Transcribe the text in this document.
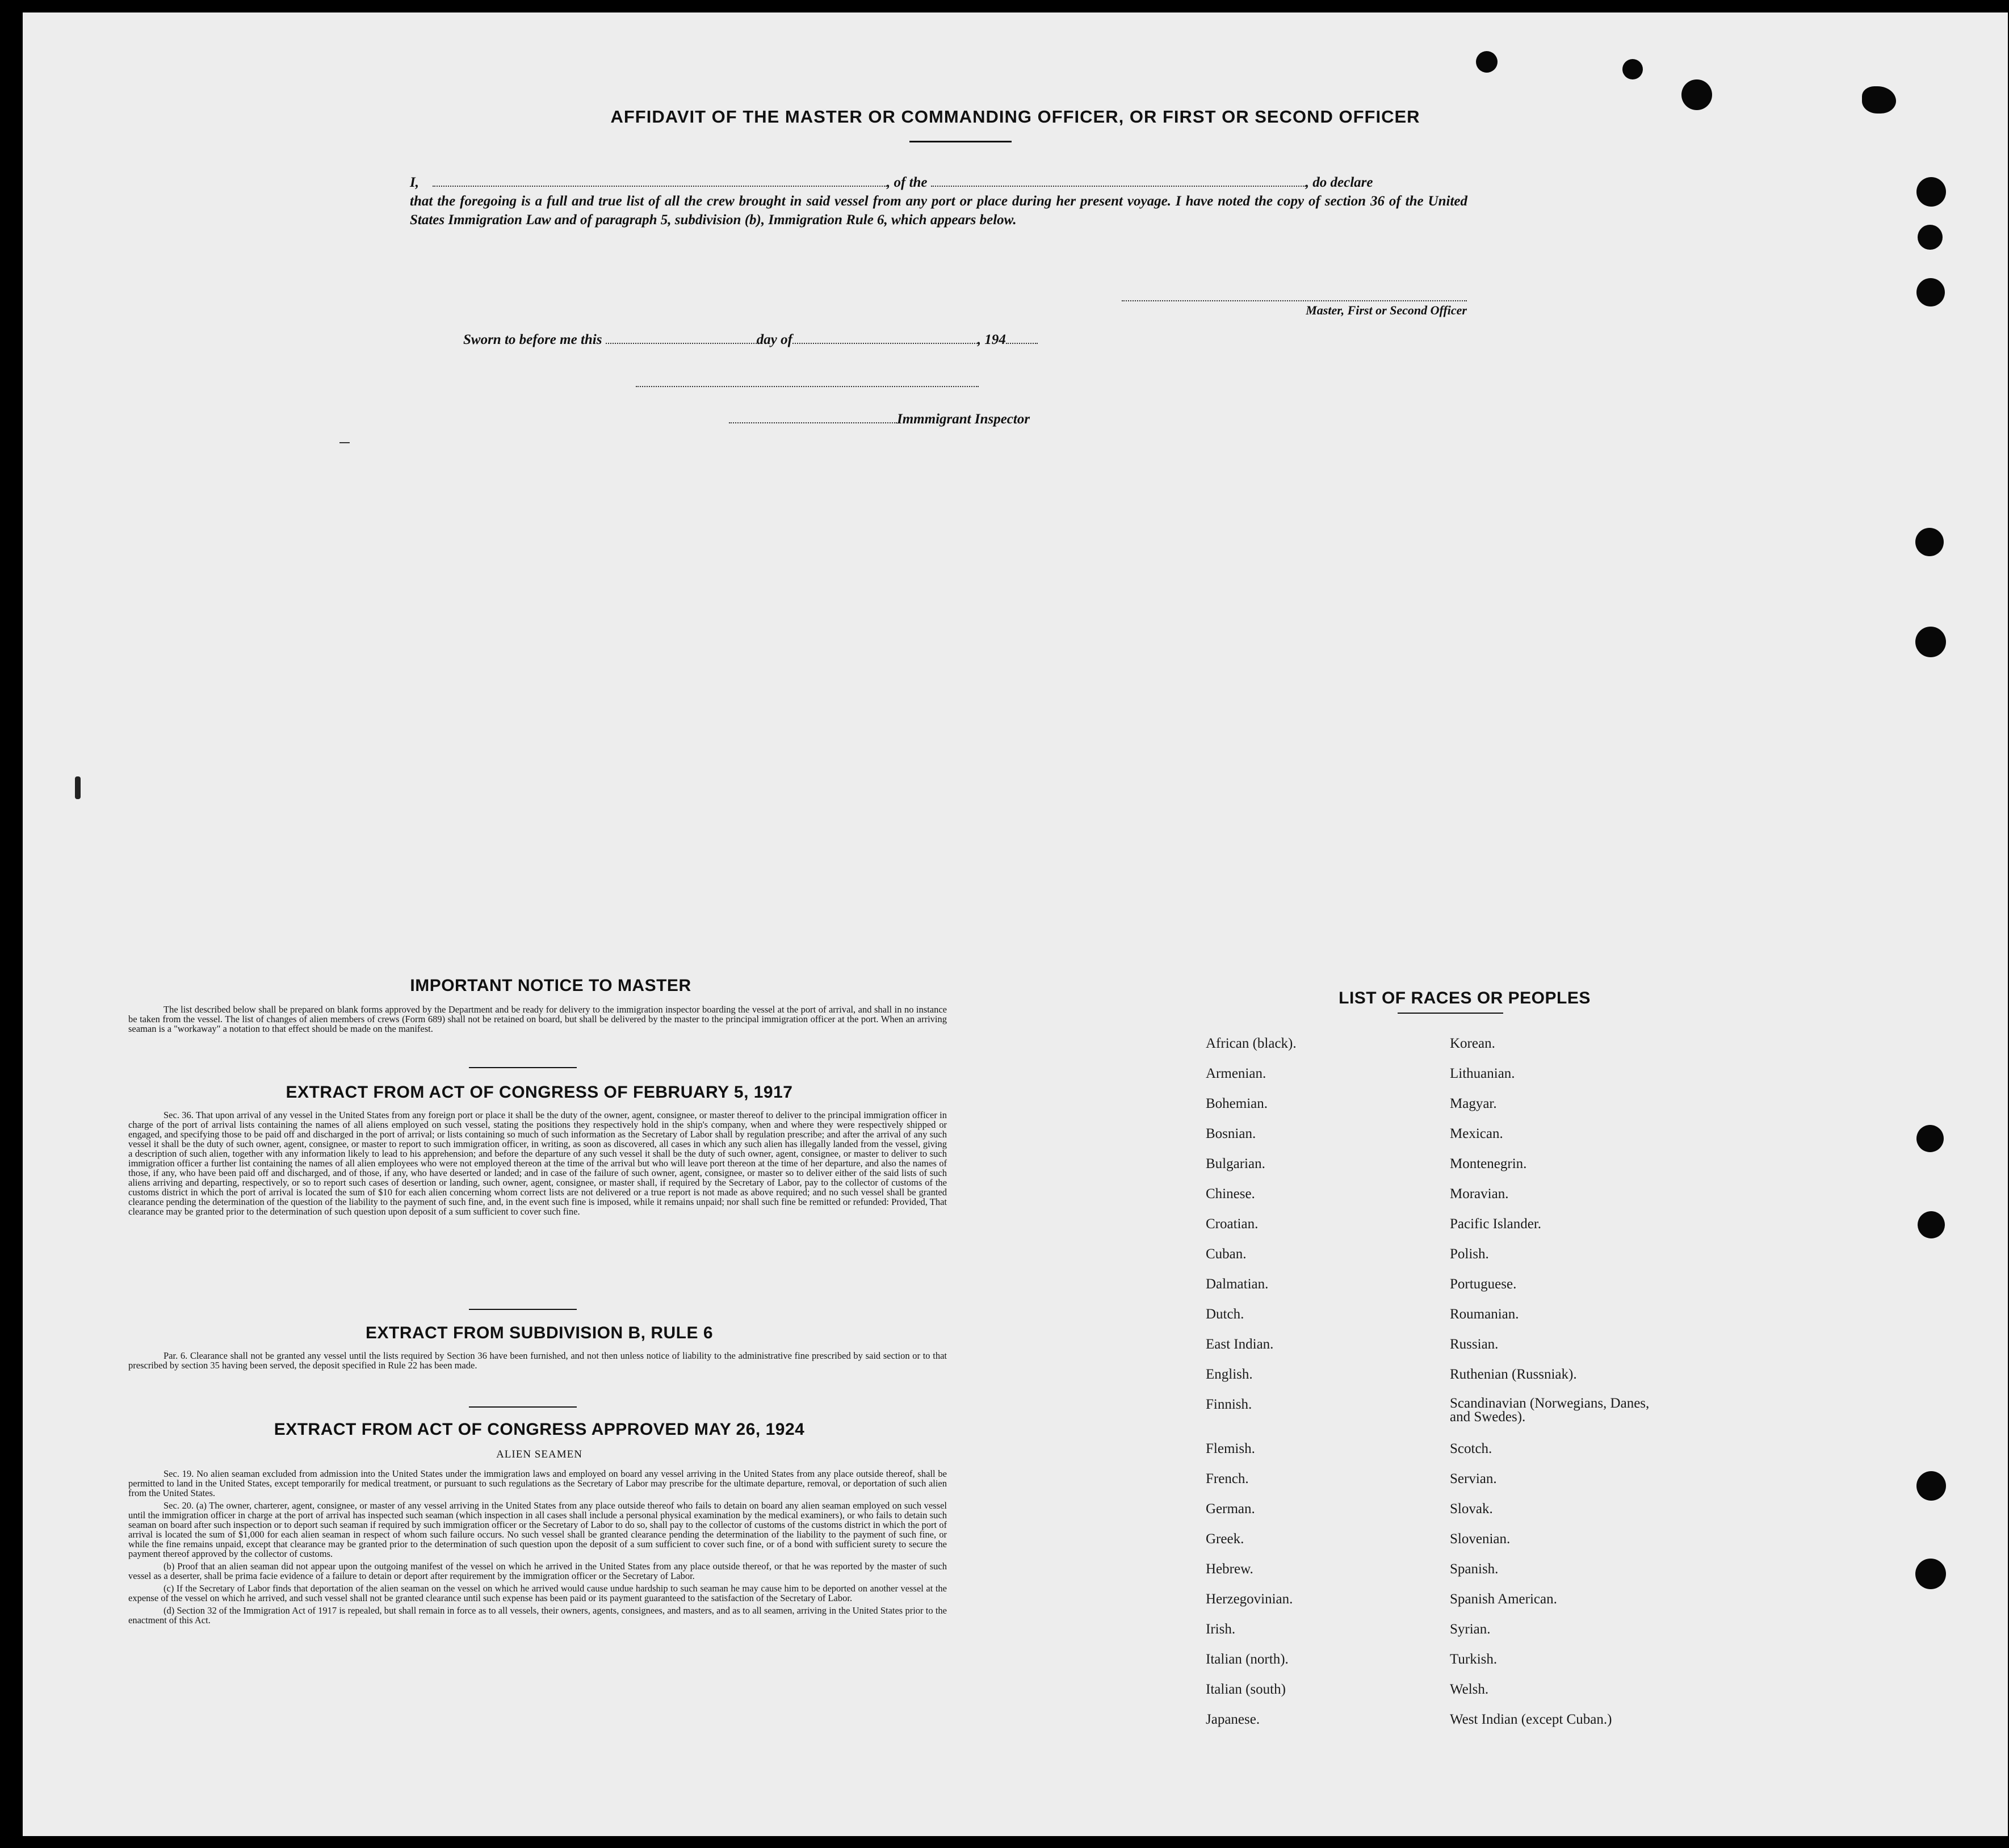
AFFIDAVIT OF THE MASTER OR COMMANDING OFFICER, OR FIRST OR SECOND OFFICER
I,	, of the	, do declare
that the foregoing is a full and true list of all the crew brought in said vessel from any port or place during her present voyage. I have noted the copy of section 36 of the United States Immigration Law and of paragraph 5, subdivision (b), Immigration Rule 6, which appears below.
Master, First or Second Officer
Sworn to before me this	day of	, 194
Immmigrant Inspector
IMPORTANT NOTICE TO MASTER

The list described below shall be prepared on blank forms approved by the Department and be ready for delivery to the immigration inspector boarding the vessel at the port of arrival, and shall in no instance be taken from the vessel. The list of changes of alien members of crews (Form 689) shall not be retained on board, but shall be delivered by the master to the principal immigration officer at the port. When an arriving seaman is a "workaway" a notation to that effect should be made on the manifest.

EXTRACT FROM ACT OF CONGRESS OF FEBRUARY 5, 1917

Sec. 36. That upon arrival of any vessel in the United States from any foreign port or place it shall be the duty of the owner, agent, consignee, or master thereof to deliver to the principal immigration officer in charge of the port of arrival lists containing the names of all aliens employed on such vessel, stating the positions they respectively hold in the ship's company, when and where they were respectively shipped or engaged, and specifying those to be paid off and discharged in the port of arrival; or lists containing so much of such information as the Secretary of Labor shall by regulation prescribe; and after the arrival of any such vessel it shall be the duty of such owner, agent, consignee, or master to report to such immigration officer, in writing, as soon as discovered, all cases in which any such alien has illegally landed from the vessel, giving a description of such alien, together with any information likely to lead to his apprehension; and before the departure of any such vessel it shall be the duty of such owner, agent, consignee, or master to deliver to such immigration officer a further list containing the names of all alien employees who were not employed thereon at the time of the arrival but who will leave port thereon at the time of her departure, and also the names of those, if any, who have been paid off and discharged, and of those, if any, who have deserted or landed; and in case of the failure of such owner, agent, consignee, or master so to deliver either of the said lists of such aliens arriving and departing, respectively, or so to report such cases of desertion or landing, such owner, agent, consignee, or master shall, if required by the Secretary of Labor, pay to the collector of customs of the customs district in which the port of arrival is located the sum of $10 for each alien concerning whom correct lists are not delivered or a true report is not made as above required; and no such vessel shall be granted clearance pending the determination of the question of the liability to the payment of such fine, and, in the event such fine is imposed, while it remains unpaid; nor shall such fine be remitted or refunded: Provided, That clearance may be granted prior to the determination of such question upon deposit of a sum sufficient to cover such fine.

EXTRACT FROM SUBDIVISION B, RULE 6

Par. 6. Clearance shall not be granted any vessel until the lists required by Section 36 have been furnished, and not then unless notice of liability to the administrative fine prescribed by said section or to that prescribed by section 35 having been served, the deposit specified in Rule 22 has been made.

EXTRACT FROM ACT OF CONGRESS APPROVED MAY 26, 1924
ALIEN SEAMEN

Sec. 19. No alien seaman excluded from admission into the United States under the immigration laws and employed on board any vessel arriving in the United States from any place outside thereof, shall be permitted to land in the United States, except temporarily for medical treatment, or pursuant to such regulations as the Secretary of Labor may prescribe for the ultimate departure, removal, or deportation of such alien from the United States.

Sec. 20. (a) The owner, charterer, agent, consignee, or master of any vessel arriving in the United States from any place outside thereof who fails to detain on board any alien seaman employed on such vessel until the immigration officer in charge at the port of arrival has inspected such seaman (which inspection in all cases shall include a personal physical examination by the medical examiners), or who fails to detain such seaman on board after such inspection or to deport such seaman if required by such immigration officer or the Secretary of Labor to do so, shall pay to the collector of customs of the customs district in which the port of arrival is located the sum of $1,000 for each alien seaman in respect of whom such failure occurs. No such vessel shall be granted clearance pending the determination of the liability to the payment of such fine, or while the fine remains unpaid, except that clearance may be granted prior to the determination of such question upon the deposit of a sum sufficient to cover such fine, or of a bond with sufficient surety to secure the payment thereof approved by the collector of customs.

(b) Proof that an alien seaman did not appear upon the outgoing manifest of the vessel on which he arrived in the United States from any place outside thereof, or that he was reported by the master of such vessel as a deserter, shall be prima facie evidence of a failure to detain or deport after requirement by the immigration officer or the Secretary of Labor.

(c) If the Secretary of Labor finds that deportation of the alien seaman on the vessel on which he arrived would cause undue hardship to such seaman he may cause him to be deported on another vessel at the expense of the vessel on which he arrived, and such vessel shall not be granted clearance until such expense has been paid or its payment guaranteed to the satisfaction of the Secretary of Labor.

(d) Section 32 of the Immigration Act of 1917 is repealed, but shall remain in force as to all vessels, their owners, agents, consignees, and masters, and as to all seamen, arriving in the United States prior to the enactment of this Act.

LIST OF RACES OR PEOPLES
African (black).
Armenian.
Bohemian.
Bosnian.
Bulgarian.
Chinese.
Croatian.
Cuban.
Dalmatian.
Dutch.
East Indian.
English.
Finnish.
Flemish.
French.
German.
Greek.
Hebrew.
Herzegovinian.
Irish.
Italian (north).
Italian (south)
Japanese.
Korean.
Lithuanian.
Magyar.
Mexican.
Montenegrin.
Moravian.
Pacific Islander.
Polish.
Portuguese.
Roumanian.
Russian.
Ruthenian (Russniak).
Scandinavian (Norwegians, Danes, and Swedes).
Scotch.
Servian.
Slovak.
Slovenian.
Spanish.
Spanish American.
Syrian.
Turkish.
Welsh.
West Indian (except Cuban.)
